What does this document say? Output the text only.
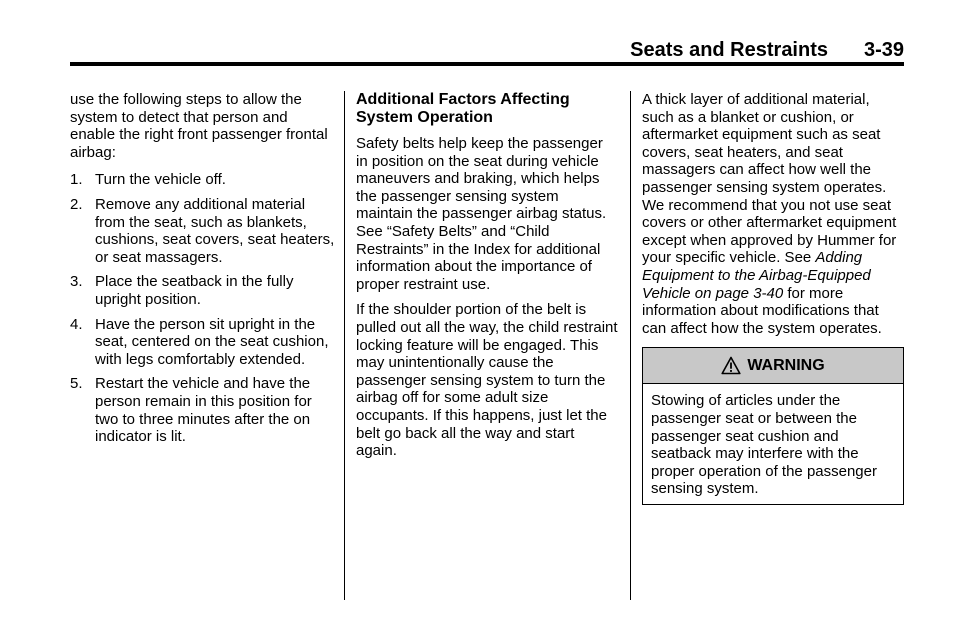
Seats and Restraints 3-39

use the following steps to allow the system to detect that person and enable the right front passenger frontal airbag:

1. Turn the vehicle off.
2. Remove any additional material from the seat, such as blankets, cushions, seat covers, seat heaters, or seat massagers.
3. Place the seatback in the fully upright position.
4. Have the person sit upright in the seat, centered on the seat cushion, with legs comfortably extended.
5. Restart the vehicle and have the person remain in this position for two to three minutes after the on indicator is lit.
Additional Factors Affecting System Operation

Safety belts help keep the passenger in position on the seat during vehicle maneuvers and braking, which helps the passenger sensing system maintain the passenger airbag status. See “Safety Belts” and “Child Restraints” in the Index for additional information about the importance of proper restraint use.

If the shoulder portion of the belt is pulled out all the way, the child restraint locking feature will be engaged. This may unintentionally cause the passenger sensing system to turn the airbag off for some adult size occupants. If this happens, just let the belt go back all the way and start again.

A thick layer of additional material, such as a blanket or cushion, or aftermarket equipment such as seat covers, seat heaters, and seat massagers can affect how well the passenger sensing system operates. We recommend that you not use seat covers or other aftermarket equipment except when approved by Hummer for your specific vehicle. See Adding Equipment to the Airbag-Equipped Vehicle on page 3-40 for more information about modifications that can affect how the system operates.

WARNING
Stowing of articles under the passenger seat or between the passenger seat cushion and seatback may interfere with the proper operation of the passenger sensing system.
